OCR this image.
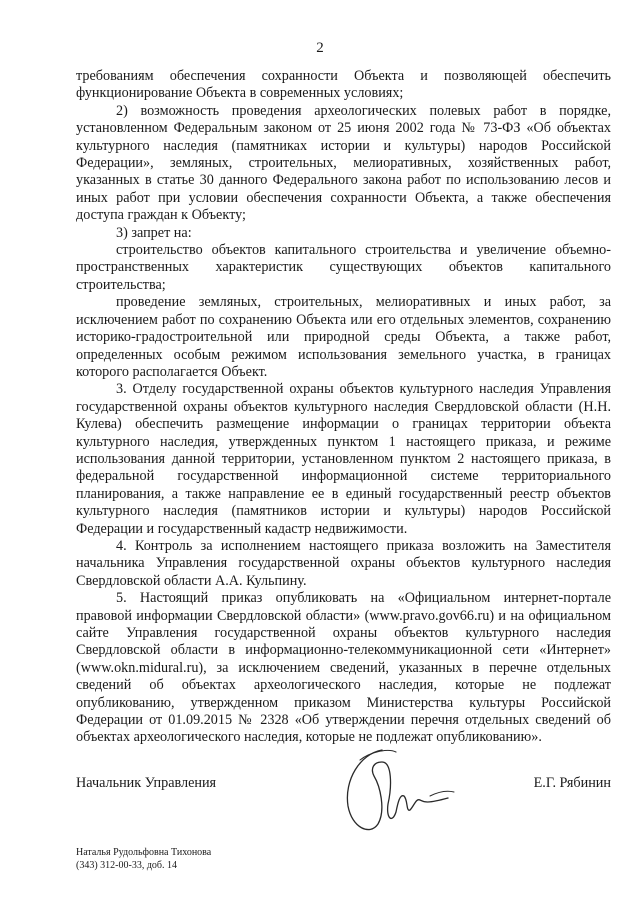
2

требованиям обеспечения сохранности Объекта и позволяющей обеспечить функционирование Объекта в современных условиях;

2) возможность проведения археологических полевых работ в порядке, установленном Федеральным законом от 25 июня 2002 года № 73-ФЗ «Об объектах культурного наследия (памятниках истории и культуры) народов Российской Федерации», земляных, строительных, мелиоративных, хозяйственных работ, указанных в статье 30 данного Федерального закона работ по использованию лесов и иных работ при условии обеспечения сохранности Объекта, а также обеспечения доступа граждан к Объекту;

3) запрет на:

строительство объектов капитального строительства и увеличение объемно-пространственных характеристик существующих объектов капитального строительства;

проведение земляных, строительных, мелиоративных и иных работ, за исключением работ по сохранению Объекта или его отдельных элементов, сохранению историко-градостроительной или природной среды Объекта, а также работ, определенных особым режимом использования земельного участка, в границах которого располагается Объект.

3. Отделу государственной охраны объектов культурного наследия Управления государственной охраны объектов культурного наследия Свердловской области (Н.Н. Кулева) обеспечить размещение информации о границах территории объекта культурного наследия, утвержденных пунктом 1 настоящего приказа, и режиме использования данной территории, установленном пунктом 2 настоящего приказа, в федеральной государственной информационной системе территориального планирования, а также направление ее в единый государственный реестр объектов культурного наследия (памятников истории и культуры) народов Российской Федерации и государственный кадастр недвижимости.

4. Контроль за исполнением настоящего приказа возложить на Заместителя начальника Управления государственной охраны объектов культурного наследия Свердловской области А.А. Кульпину.

5. Настоящий приказ опубликовать на «Официальном интернет-портале правовой информации Свердловской области» (www.pravo.gov66.ru) и на официальном сайте Управления государственной охраны объектов культурного наследия Свердловской области в информационно-телекоммуникационной сети «Интернет» (www.okn.midural.ru), за исключением сведений, указанных в перечне отдельных сведений об объектах археологического наследия, которые не подлежат опубликованию, утвержденном приказом Министерства культуры Российской Федерации от 01.09.2015 № 2328 «Об утверждении перечня отдельных сведений об объектах археологического наследия, которые не подлежат опубликованию».

Начальник Управления	Е.Г. Рябинин
Наталья Рудольфовна Тихонова
(343) 312-00-33, доб. 14
